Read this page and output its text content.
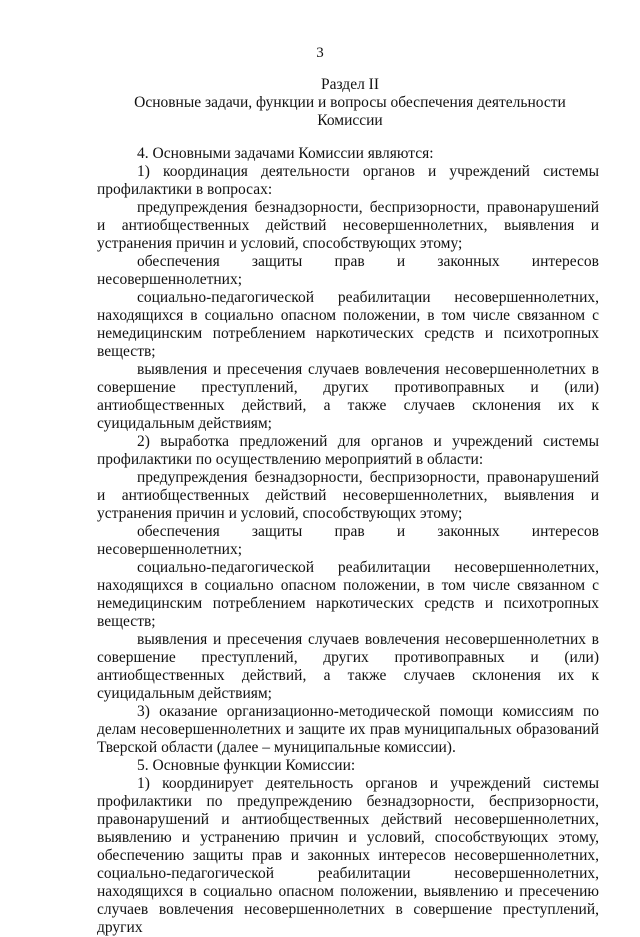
3
Раздел II
Основные задачи, функции и вопросы обеспечения деятельности
Комиссии

4. Основными задачами Комиссии являются:

1) координация деятельности органов и учреждений системы профилактики в вопросах:

предупреждения безнадзорности, беспризорности, правонарушений и антиобщественных действий несовершеннолетних, выявления и устранения причин и условий, способствующих этому;

обеспечения защиты прав и законных интересов несовершеннолетних;

социально-педагогической реабилитации несовершеннолетних, находящихся в социально опасном положении, в том числе связанном с немедицинским потреблением наркотических средств и психотропных веществ;

выявления и пресечения случаев вовлечения несовершеннолетних в совершение преступлений, других противоправных и (или) антиобщественных действий, а также случаев склонения их к суицидальным действиям;

2) выработка предложений для органов и учреждений системы профилактики по осуществлению мероприятий в области:

предупреждения безнадзорности, беспризорности, правонарушений и антиобщественных действий несовершеннолетних, выявления и устранения причин и условий, способствующих этому;

обеспечения защиты прав и законных интересов несовершеннолетних;

социально-педагогической реабилитации несовершеннолетних, находящихся в социально опасном положении, в том числе связанном с немедицинским потреблением наркотических средств и психотропных веществ;

выявления и пресечения случаев вовлечения несовершеннолетних в совершение преступлений, других противоправных и (или) антиобщественных действий, а также случаев склонения их к суицидальным действиям;

3) оказание организационно-методической помощи комиссиям по делам несовершеннолетних и защите их прав муниципальных образований Тверской области (далее – муниципальные комиссии).

5. Основные функции Комиссии:

1) координирует деятельность органов и учреждений системы профилактики по предупреждению безнадзорности, беспризорности, правонарушений и антиобщественных действий несовершеннолетних, выявлению и устранению причин и условий, способствующих этому, обеспечению защиты прав и законных интересов несовершеннолетних, социально-педагогической реабилитации несовершеннолетних, находящихся в социально опасном положении, выявлению и пресечению случаев вовлечения несовершеннолетних в совершение преступлений, других
